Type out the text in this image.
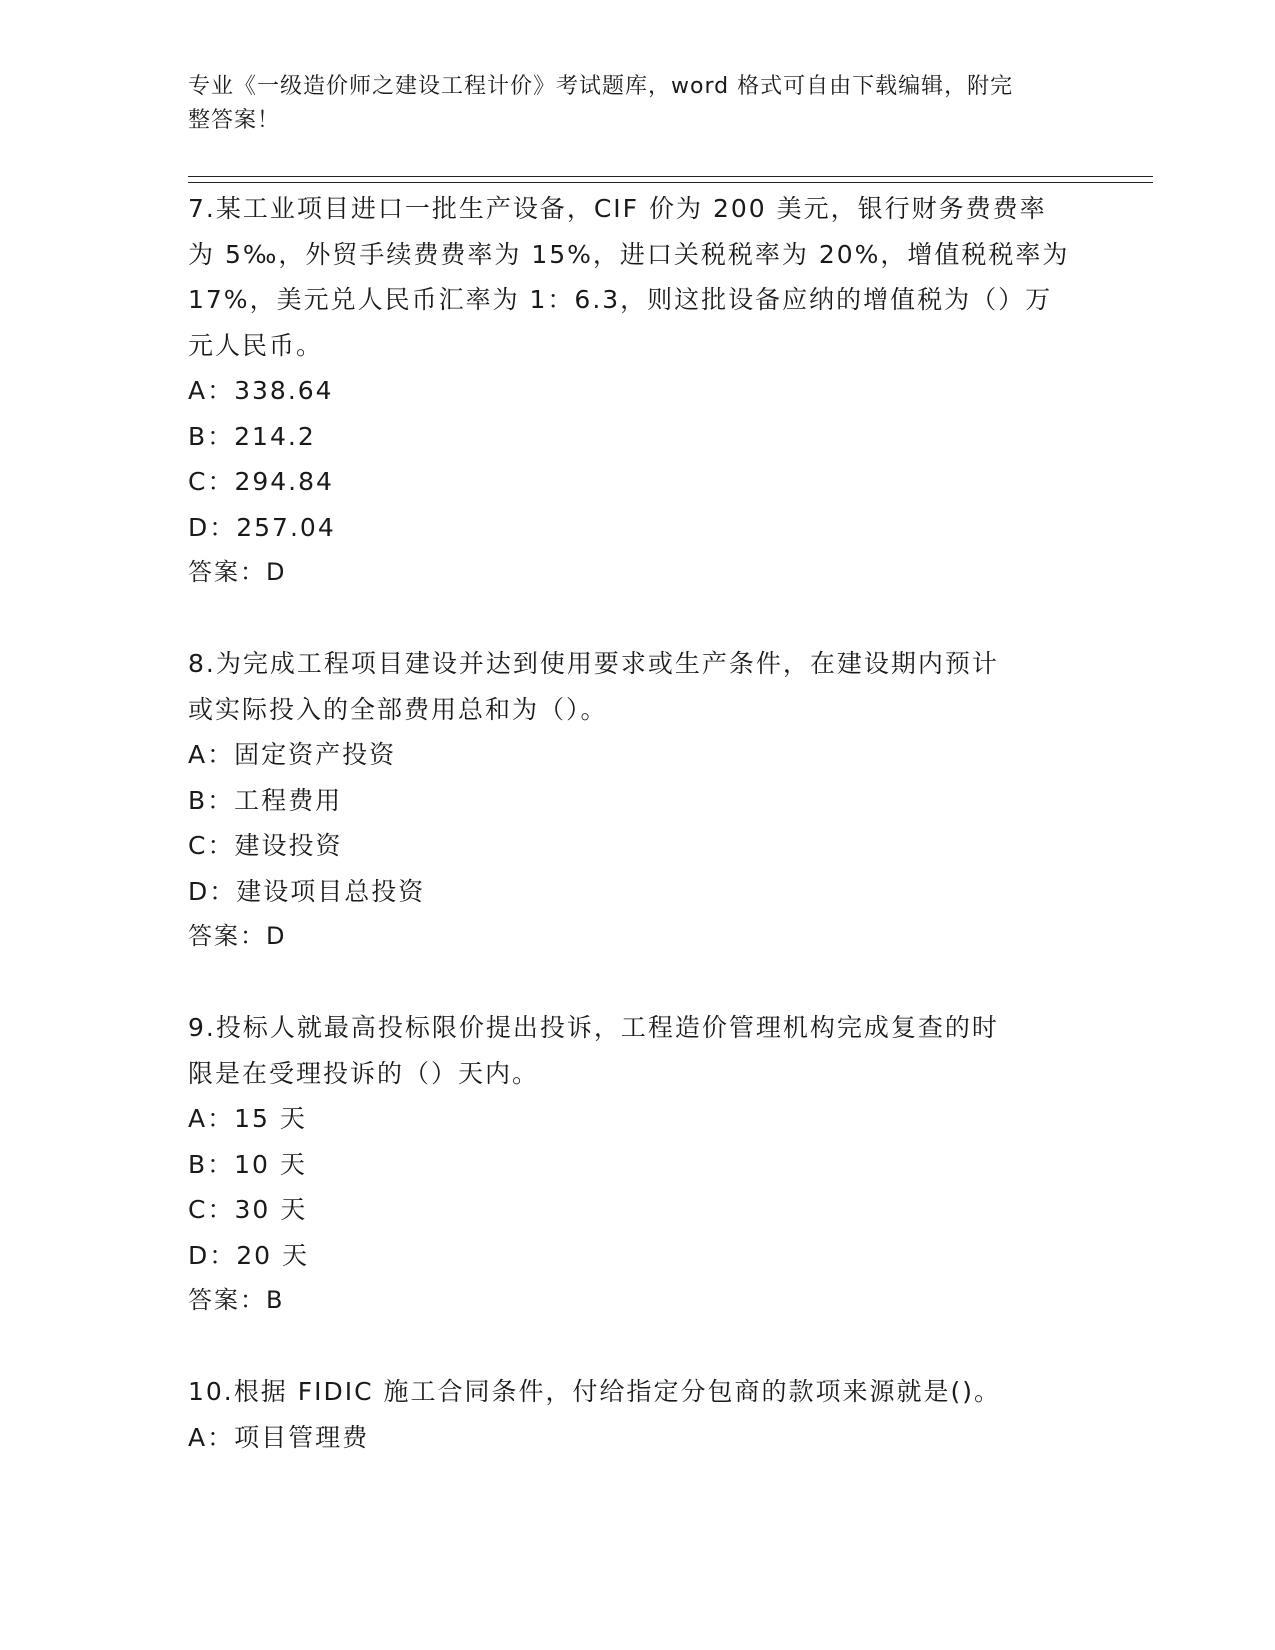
专业《一级造价师之建设工程计价》考试题库，word 格式可自由下载编辑，附完
整答案！
7.某工业项目进口一批生产设备，CIF 价为 200 美元，银行财务费费率
为 5‰，外贸手续费费率为 15%，进口关税税率为 20%，增值税税率为
17%，美元兑人民币汇率为 1：6.3，则这批设备应纳的增值税为（）万
元人民币。
A：338.64
B：214.2
C：294.84
D：257.04
答案：D
8.为完成工程项目建设并达到使用要求或生产条件，在建设期内预计
或实际投入的全部费用总和为（）。
A：固定资产投资
B：工程费用
C：建设投资
D：建设项目总投资
答案：D
9.投标人就最高投标限价提出投诉，工程造价管理机构完成复查的时
限是在受理投诉的（）天内。
A：15 天
B：10 天
C：30 天
D：20 天
答案：B
10.根据 FIDIC 施工合同条件，付给指定分包商的款项来源就是()。
A：项目管理费
